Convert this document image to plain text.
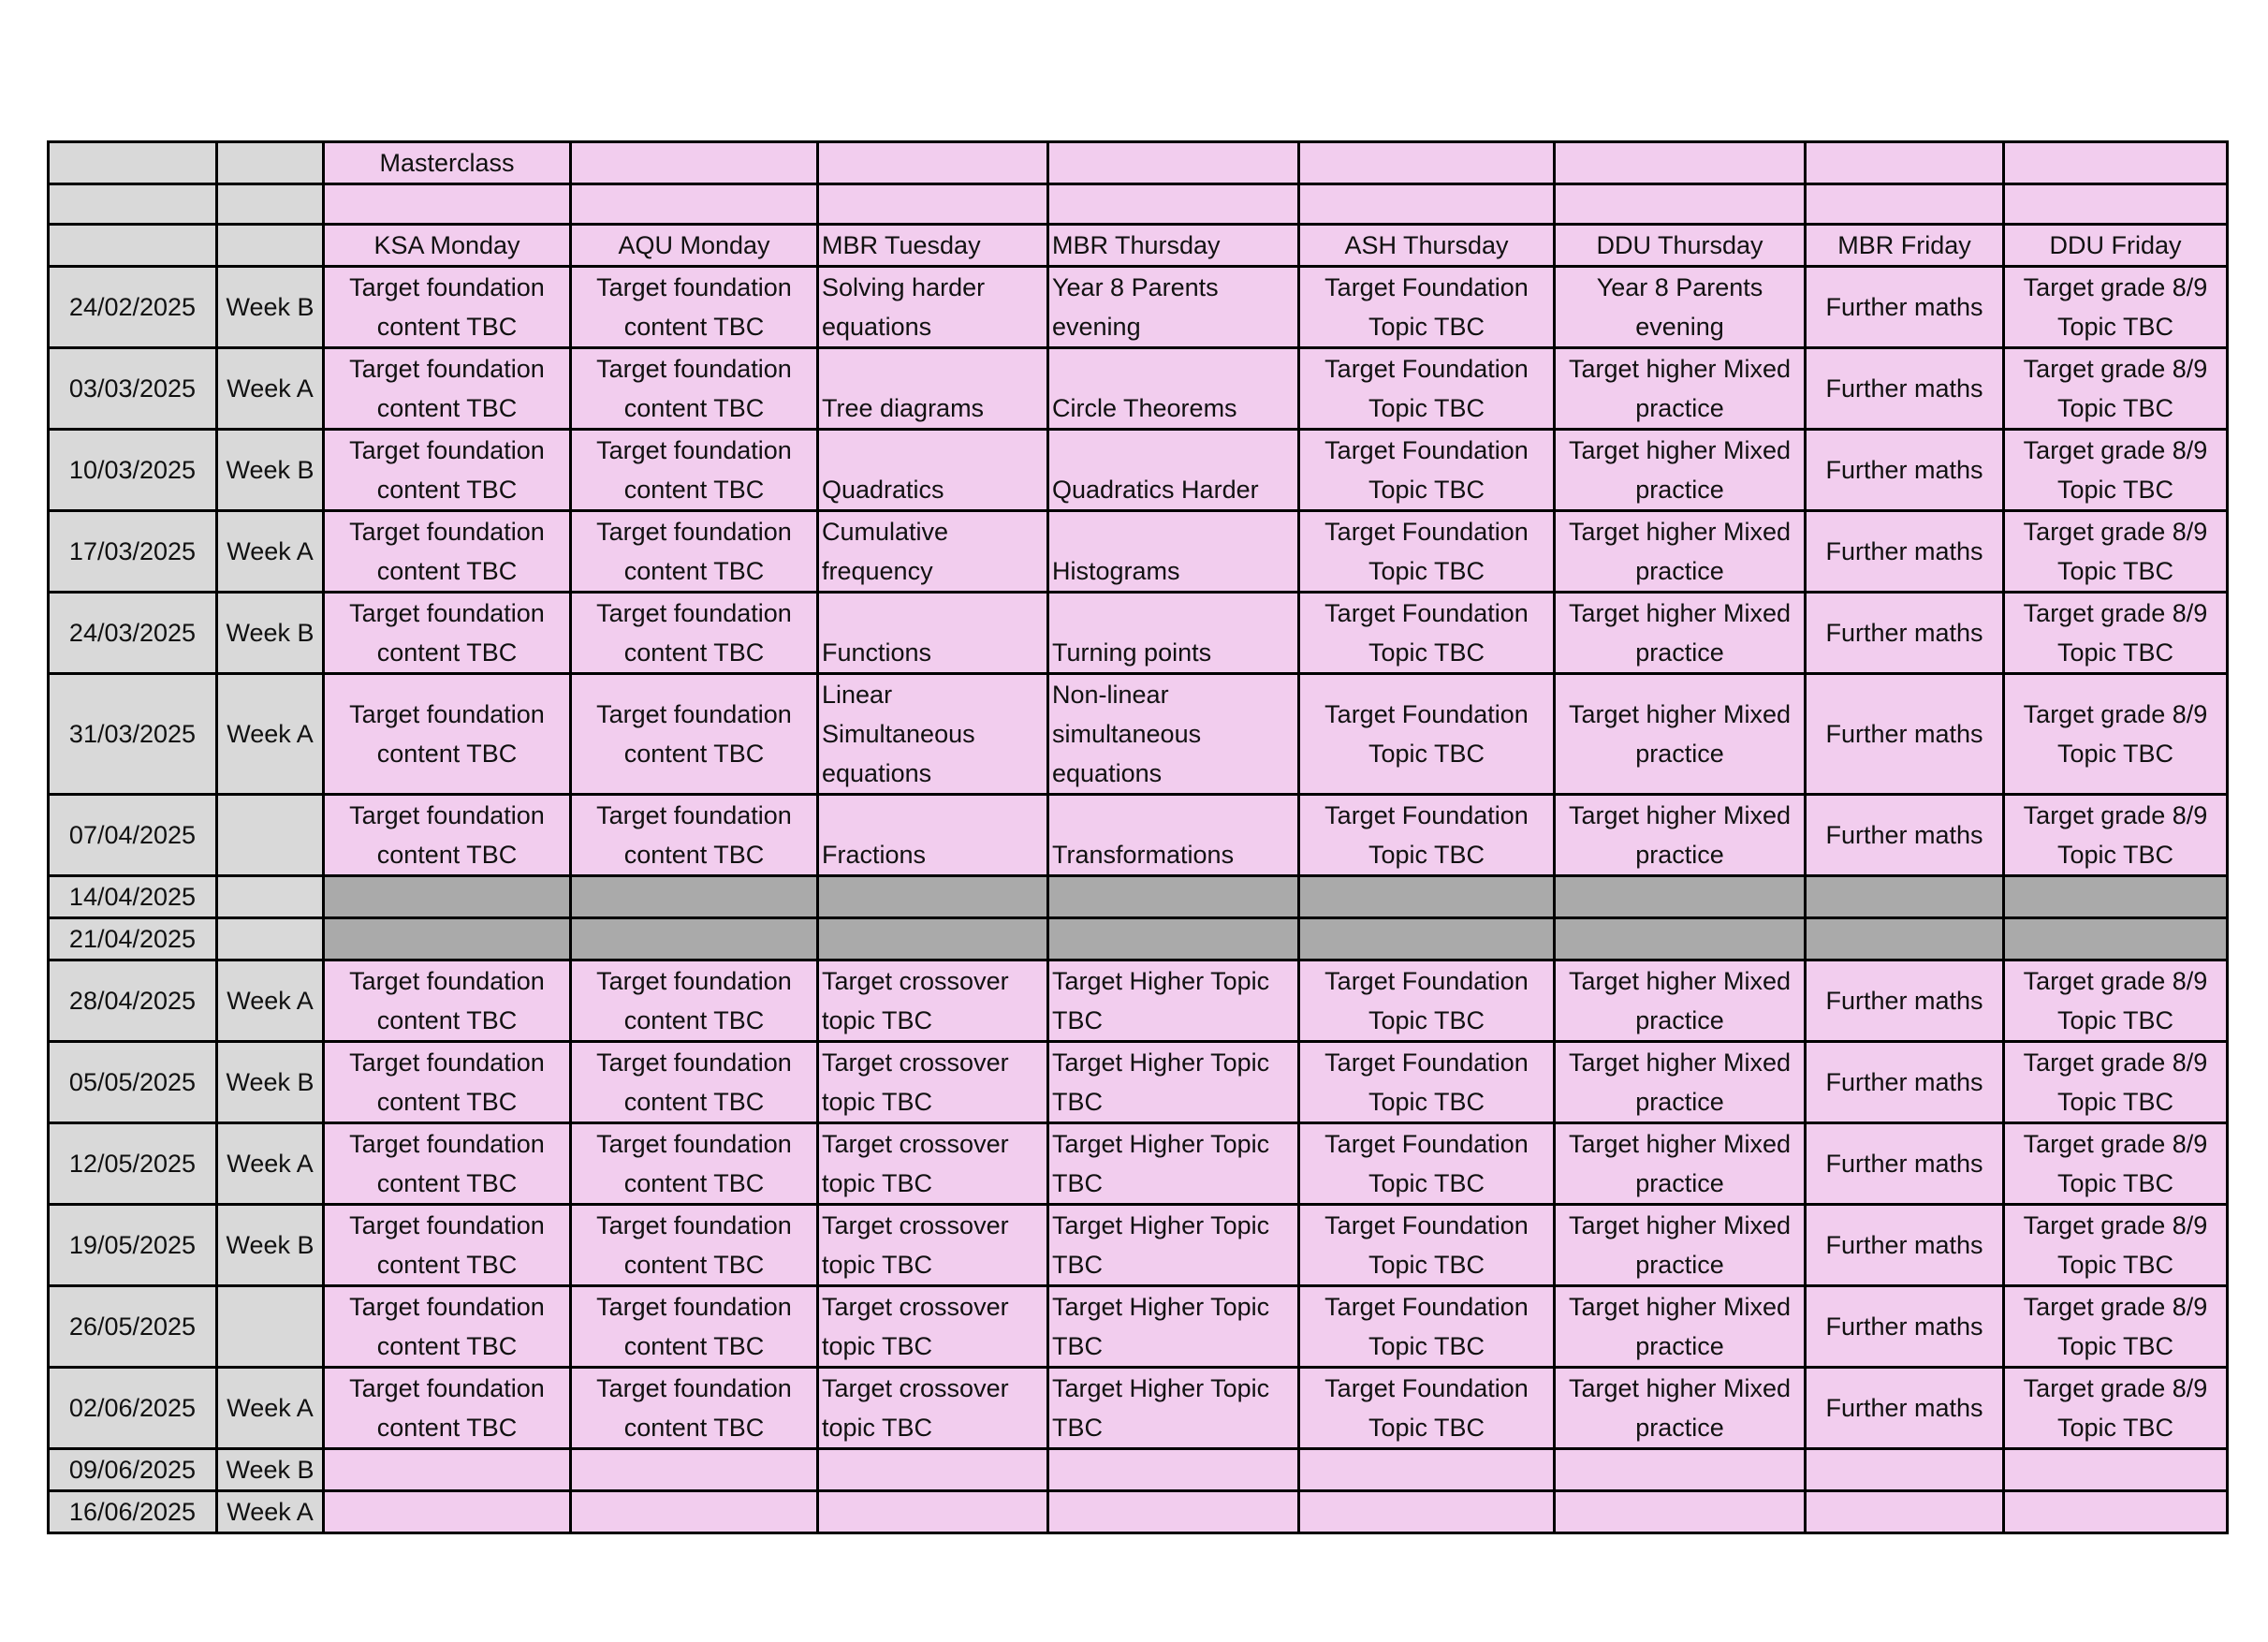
		Masterclass							

		KSA Monday	AQU Monday	MBR Tuesday	MBR Thursday	ASH Thursday	DDU Thursday	MBR Friday	DDU Friday
24/02/2025	Week B	Target foundation content TBC	Target foundation content TBC	Solving harder equations	Year 8 Parents evening	Target Foundation Topic TBC	Year 8 Parents evening	Further maths	Target grade 8/9 Topic TBC
03/03/2025	Week A	Target foundation content TBC	Target foundation content TBC	Tree diagrams	Circle Theorems	Target Foundation Topic TBC	Target higher Mixed practice	Further maths	Target grade 8/9 Topic TBC
10/03/2025	Week B	Target foundation content TBC	Target foundation content TBC	Quadratics	Quadratics Harder	Target Foundation Topic TBC	Target higher Mixed practice	Further maths	Target grade 8/9 Topic TBC
17/03/2025	Week A	Target foundation content TBC	Target foundation content TBC	Cumulative frequency	Histograms	Target Foundation Topic TBC	Target higher Mixed practice	Further maths	Target grade 8/9 Topic TBC
24/03/2025	Week B	Target foundation content TBC	Target foundation content TBC	Functions	Turning points	Target Foundation Topic TBC	Target higher Mixed practice	Further maths	Target grade 8/9 Topic TBC
31/03/2025	Week A	Target foundation content TBC	Target foundation content TBC	Linear Simultaneous equations	Non-linear simultaneous equations	Target Foundation Topic TBC	Target higher Mixed practice	Further maths	Target grade 8/9 Topic TBC
07/04/2025		Target foundation content TBC	Target foundation content TBC	Fractions	Transformations	Target Foundation Topic TBC	Target higher Mixed practice	Further maths	Target grade 8/9 Topic TBC
14/04/2025									
21/04/2025									
28/04/2025	Week A	Target foundation content TBC	Target foundation content TBC	Target crossover topic TBC	Target Higher Topic TBC	Target Foundation Topic TBC	Target higher Mixed practice	Further maths	Target grade 8/9 Topic TBC
05/05/2025	Week B	Target foundation content TBC	Target foundation content TBC	Target crossover topic TBC	Target Higher Topic TBC	Target Foundation Topic TBC	Target higher Mixed practice	Further maths	Target grade 8/9 Topic TBC
12/05/2025	Week A	Target foundation content TBC	Target foundation content TBC	Target crossover topic TBC	Target Higher Topic TBC	Target Foundation Topic TBC	Target higher Mixed practice	Further maths	Target grade 8/9 Topic TBC
19/05/2025	Week B	Target foundation content TBC	Target foundation content TBC	Target crossover topic TBC	Target Higher Topic TBC	Target Foundation Topic TBC	Target higher Mixed practice	Further maths	Target grade 8/9 Topic TBC
26/05/2025		Target foundation content TBC	Target foundation content TBC	Target crossover topic TBC	Target Higher Topic TBC	Target Foundation Topic TBC	Target higher Mixed practice	Further maths	Target grade 8/9 Topic TBC
02/06/2025	Week A	Target foundation content TBC	Target foundation content TBC	Target crossover topic TBC	Target Higher Topic TBC	Target Foundation Topic TBC	Target higher Mixed practice	Further maths	Target grade 8/9 Topic TBC
09/06/2025	Week B								
16/06/2025	Week A								
